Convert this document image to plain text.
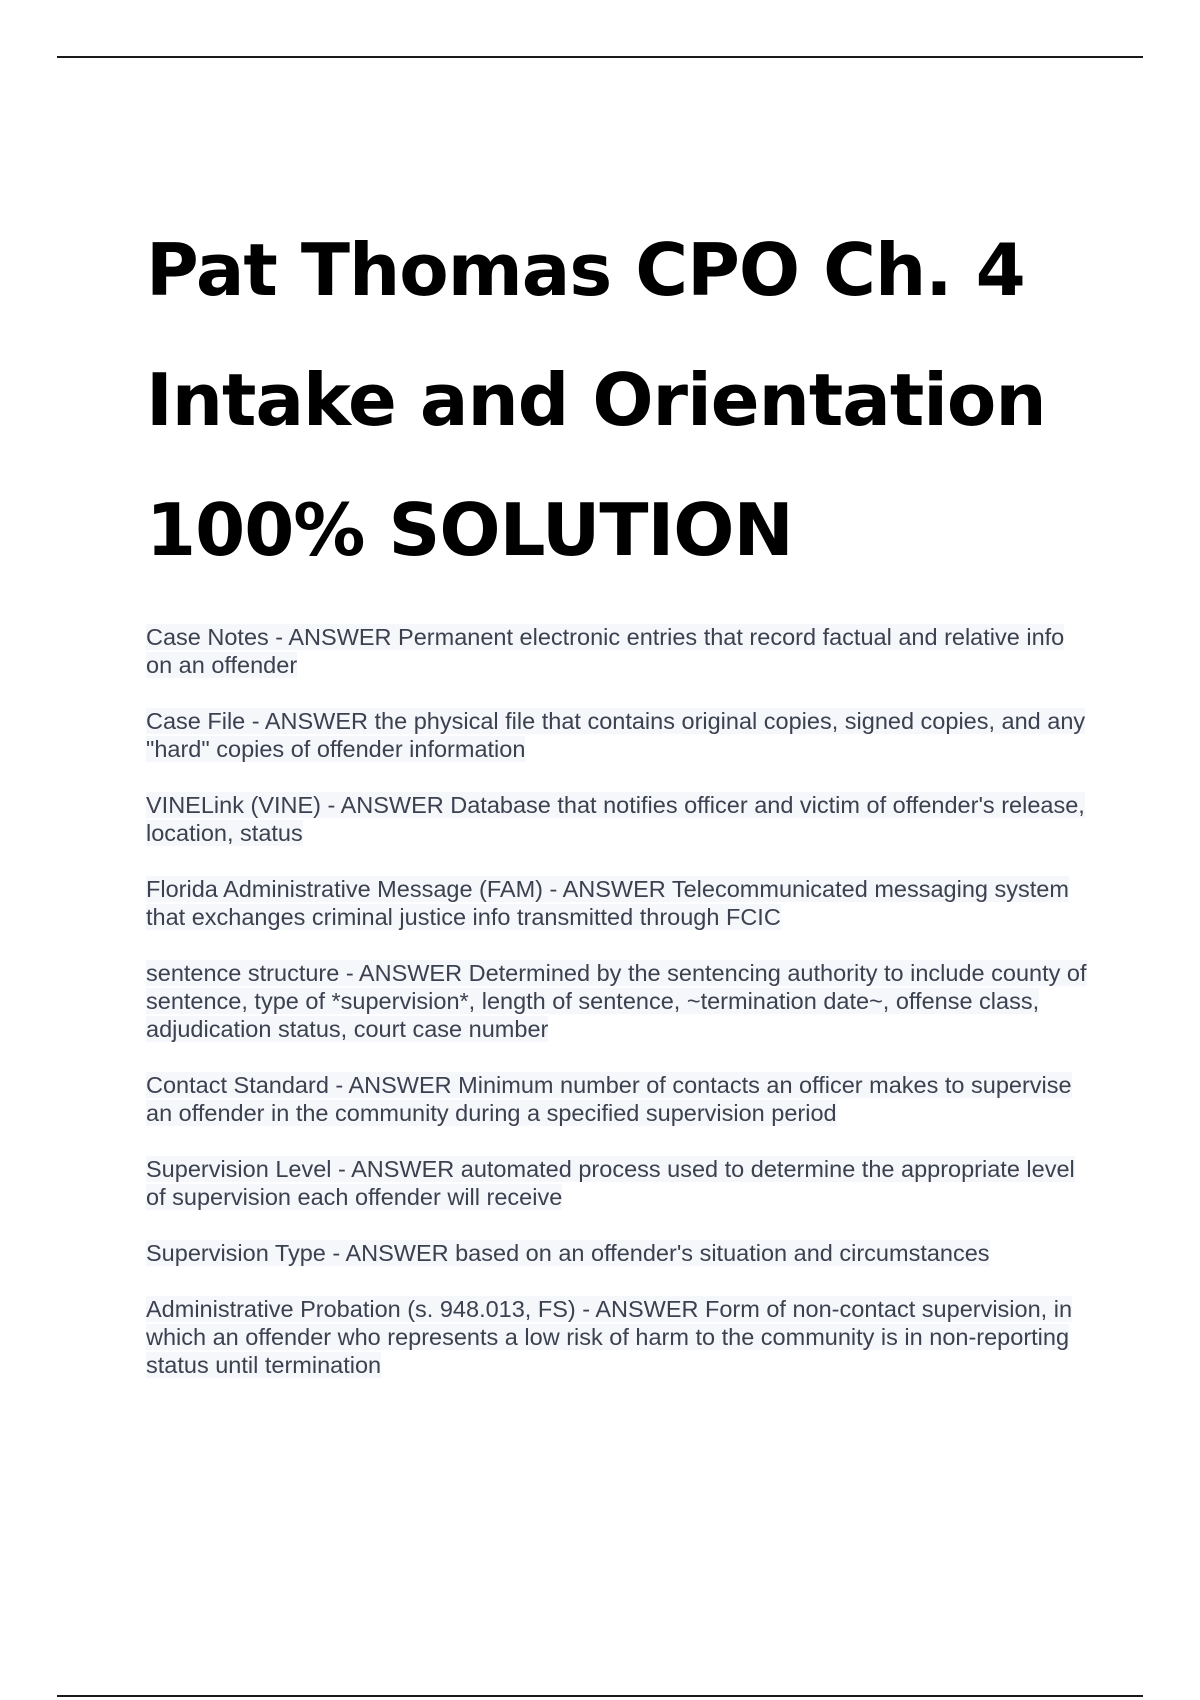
Pat Thomas CPO Ch. 4
Intake and Orientation
100% SOLUTION

Case Notes - ANSWER Permanent electronic entries that record factual and relative info on an offender

Case File - ANSWER the physical file that contains original copies, signed copies, and any "hard" copies of offender information

VINELink (VINE) - ANSWER Database that notifies officer and victim of offender's release, location, status

Florida Administrative Message (FAM) - ANSWER Telecommunicated messaging system that exchanges criminal justice info transmitted through FCIC

sentence structure - ANSWER Determined by the sentencing authority to include county of sentence, type of *supervision*, length of sentence, ~termination date~, offense class, adjudication status, court case number

Contact Standard - ANSWER Minimum number of contacts an officer makes to supervise an offender in the community during a specified supervision period

Supervision Level - ANSWER automated process used to determine the appropriate level of supervision each offender will receive

Supervision Type - ANSWER based on an offender's situation and circumstances

Administrative Probation (s. 948.013, FS) - ANSWER Form of non-contact supervision, in which an offender who represents a low risk of harm to the community is in non-reporting status until termination
